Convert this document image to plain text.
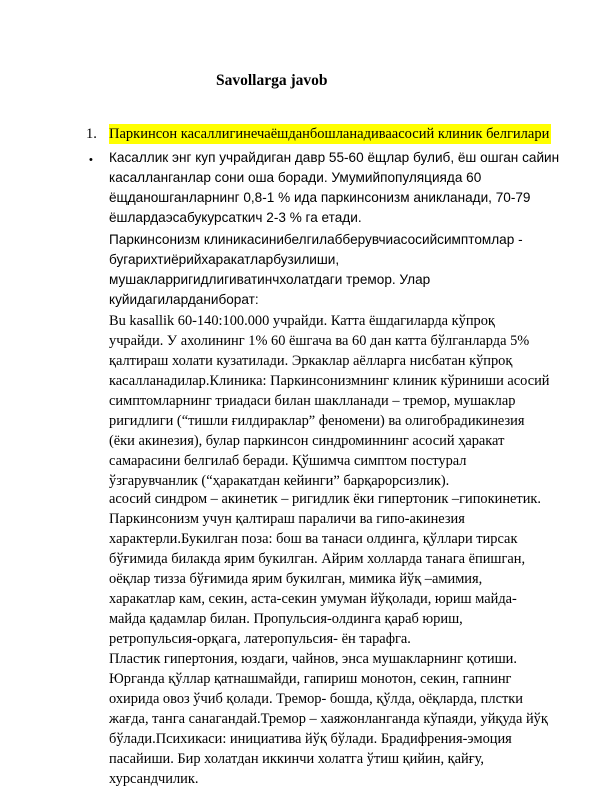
Savollarga javob
1. Паркинсон касаллигинечаёшданбошланадиваасосий клиник белгилари
• Касаллик энг куп учрайдиган давр 55-60 ёщлар булиб, ёш ошган сайин
касалланганлар сони оша боради. Умумийпопуляцияда 60
ёщданошганларнинг 0,8-1 % ида паркинсонизм аникланади, 70-79
ёшлардаэсабукурсаткич 2-3 % га етади.
Паркинсонизм клиникасинибелгилабберувчиасосийсимптомлар -
бугарихтиёрийхаракатларбузилиши,
мушакларригидлигиватинчхолатдаги тремор. Улар
куйидагиларданиборат:
Bu kasallik 60-140:100.000 учрайди. Катта ёшдагиларда кўпроқ
учрайди. У ахолининг 1% 60 ёшгача ва 60 дан катта бўлганларда 5%
қалтираш холати кузатилади. Эркаклар аёлларга нисбатан кўпроқ
касалланадилар.Клиника: Паркинсонизмнинг клиник кўриниши асосий
симптомларнинг триадаси билан шаклланади – тремор, мушаклар
ригидлиги (“тишли ғилдираклар” феномени) ва олигобрадикинезия
(ёки акинезия), булар паркинсон синдроминнинг асосий ҳаракат
самарасини белгилаб беради. Қўшимча симптом постурал
ўзгарувчанлик (“ҳаракатдан кейинги” барқарорсизлик).
асосий синдром – акинетик – ригидлик ёки гипертоник –гипокинетик.
Паркинсонизм учун қалтираш параличи ва гипо-акинезия
характерли.Букилган поза: бош ва танаси олдинга, қўллари тирсак
бўғимида билакда ярим букилган. Айрим холларда танага ёпишган,
оёқлар тизза бўғимида ярим букилган, мимика йўқ –амимия,
харакатлар кам, секин, аста-секин умуман йўқолади, юриш майда-
майда қадамлар билан. Пропульсия-олдинга қараб юриш,
ретропульсия-орқага, латеропульсия- ён тарафга.
Пластик гипертония, юздаги, чайнов, энса мушакларнинг қотиши.
Юрганда қўллар қатнашмайди, гапириш монотон, секин, гапнинг
охирида овоз ўчиб қолади. Тремор- бошда, қўлда, оёқларда, плстки
жағда, танга санагандай.Тремор – хаяжонланганда кўпаяди, уйқуда йўқ
бўлади.Психикаси: инициатива йўқ бўлади. Брадифрения-эмоция
пасайиши. Бир холатдан иккинчи холатга ўтиш қийин, қайғу,
хурсандчилик.
